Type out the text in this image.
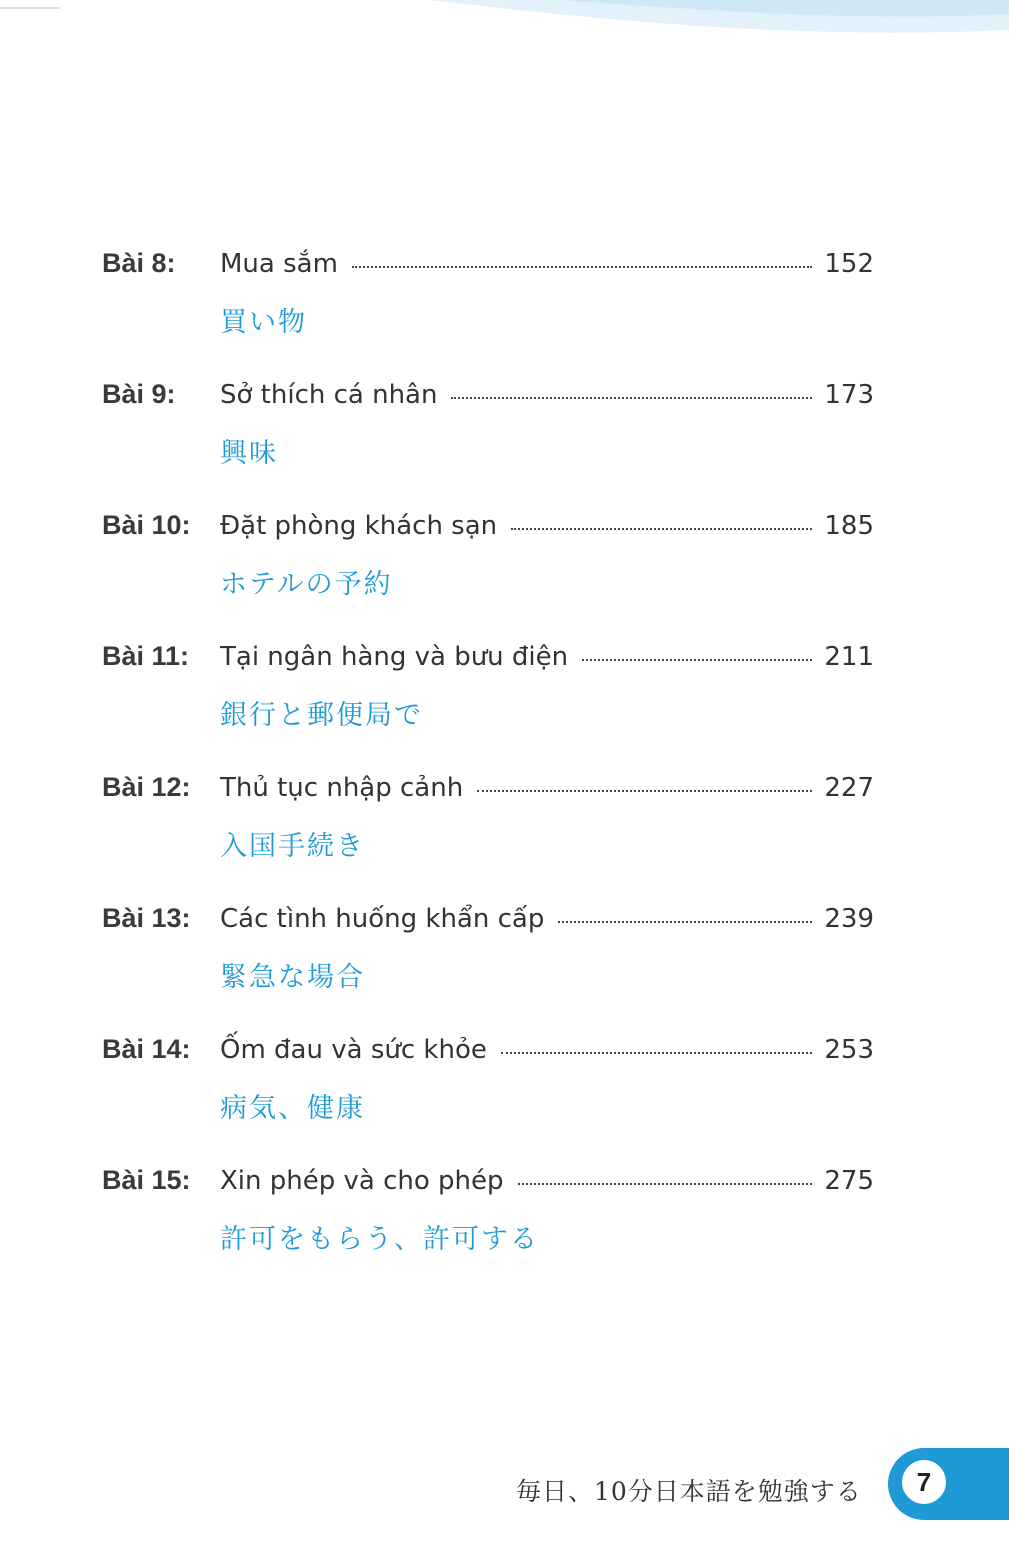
Bài 8:	Mua sắm	152
買い物
Bài 9:	Sở thích cá nhân	173
興味
Bài 10:	Đặt phòng khách sạn	185
ホテルの予約
Bài 11:	Tại ngân hàng và bưu điện	211
銀行と郵便局で
Bài 12:	Thủ tục nhập cảnh	227
入国手続き
Bài 13:	Các tình huống khẩn cấp	239
緊急な場合
Bài 14:	Ốm đau và sức khỏe	253
病気、健康
Bài 15:	Xin phép và cho phép	275
許可をもらう、許可する
毎日、10分日本語を勉強する	7
